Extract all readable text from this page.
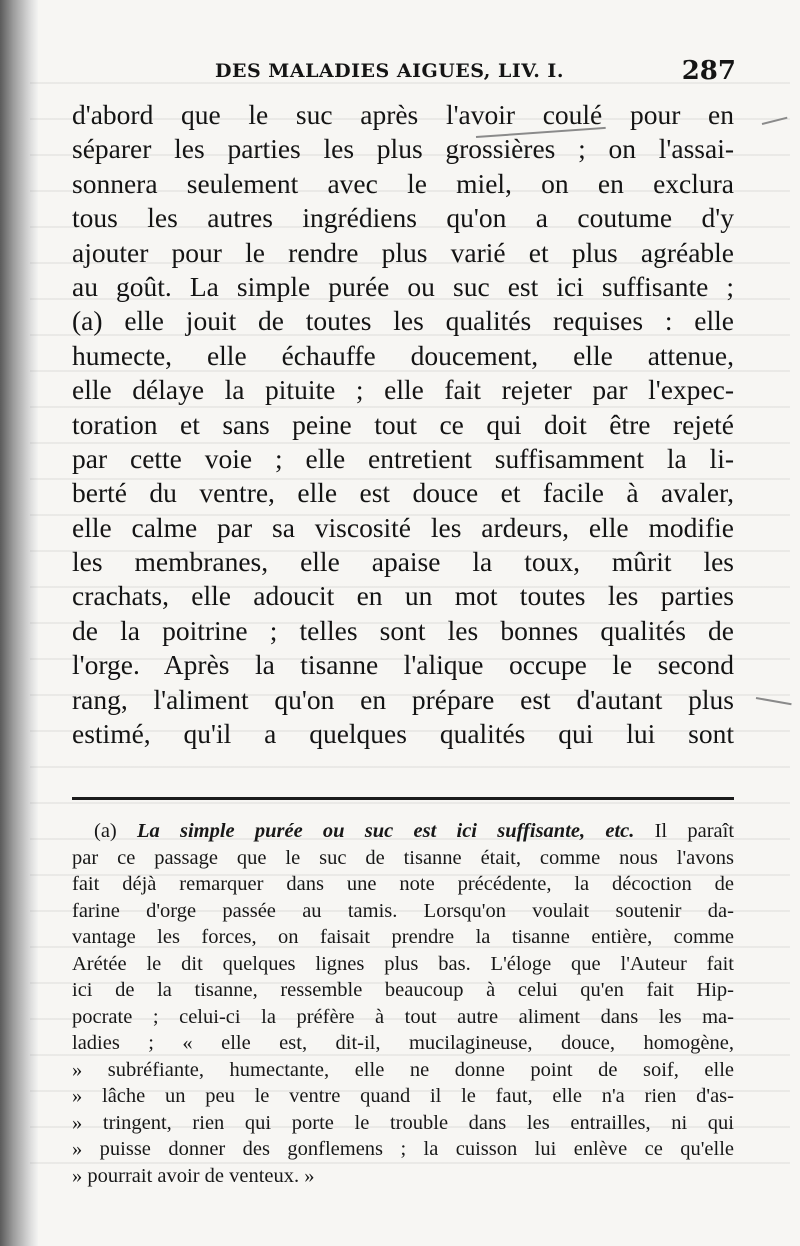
DES MALADIES AIGUES, LIV. I.	287
d'abord que le suc après l'avoir coulé pour en
séparer les parties les plus grossières ; on l'assai-
sonnera seulement avec le miel, on en exclura
tous les autres ingrédiens qu'on a coutume d'y
ajouter pour le rendre plus varié et plus agréable
au goût. La simple purée ou suc est ici suffisante ;
(a) elle jouit de toutes les qualités requises : elle
humecte, elle échauffe doucement, elle attenue,
elle délaye la pituite ; elle fait rejeter par l'expec-
toration et sans peine tout ce qui doit être rejeté
par cette voie ; elle entretient suffisamment la li-
berté du ventre, elle est douce et facile à avaler,
elle calme par sa viscosité les ardeurs, elle modifie
les membranes, elle apaise la toux, mûrit les
crachats, elle adoucit en un mot toutes les parties
de la poitrine ; telles sont les bonnes qualités de
l'orge. Après la tisanne l'alique occupe le second
rang, l'aliment qu'on en prépare est d'autant plus
estimé, qu'il a quelques qualités qui lui sont
(a) La simple purée ou suc est ici suffisante, etc. Il paraît
par ce passage que le suc de tisanne était, comme nous l'avons
fait déjà remarquer dans une note précédente, la décoction de
farine d'orge passée au tamis. Lorsqu'on voulait soutenir da-
vantage les forces, on faisait prendre la tisanne entière, comme
Arétée le dit quelques lignes plus bas. L'éloge que l'Auteur fait
ici de la tisanne, ressemble beaucoup à celui qu'en fait Hip-
pocrate ; celui-ci la préfère à tout autre aliment dans les ma-
ladies ; « elle est, dit-il, mucilagineuse, douce, homogène,
» subréfiante, humectante, elle ne donne point de soif, elle
» lâche un peu le ventre quand il le faut, elle n'a rien d'as-
» tringent, rien qui porte le trouble dans les entrailles, ni qui
» puisse donner des gonflemens ; la cuisson lui enlève ce qu'elle
» pourrait avoir de venteux. »
